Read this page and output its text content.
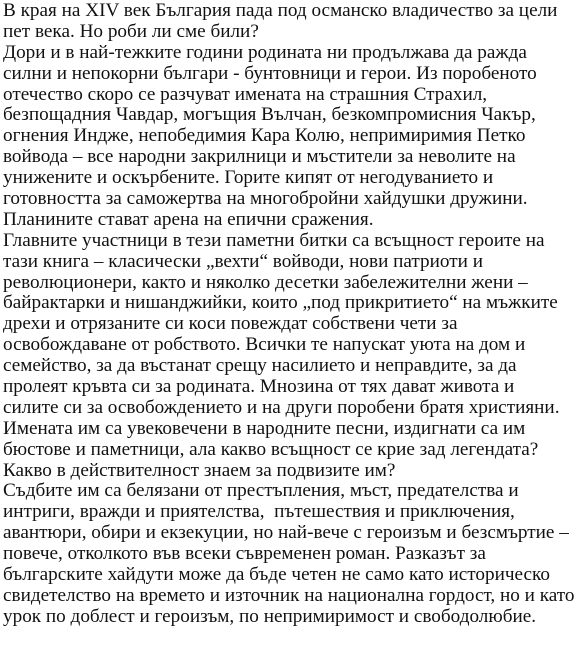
В края на XIV век България пада под османско владичество за цели
пет века. Но роби ли сме били?
Дори и в най-тежките години родината ни продължава да ражда
силни и непокорни българи - бунтовници и герои. Из поробеното
отечество скоро се разчуват имената на страшния Страхил,
безпощадния Чавдар, могъщия Вълчан, безкомпромисния Чакър,
огнения Индже, непобедимия Кара Колю, непримиримия Петко
войвода – все народни закрилници и мъстители за неволите на
унижените и оскърбените. Горите кипят от негодуванието и
готовността за саможертва на многобройни хайдушки дружини.
Планините стават арена на епични сражения.
Главните участници в тези паметни битки са всъщност героите на
тази книга – класически „вехти“ войводи, нови патриоти и
революционери, както и няколко десетки забележителни жени –
байрактарки и нишанджийки, които „под прикритието“ на мъжките
дрехи и отрязаните си коси повеждат собствени чети за
освобождаване от робството. Всички те напускат уюта на дом и
семейство, за да въстанат срещу насилието и неправдите, за да
пролеят кръвта си за родината. Мнозина от тях дават живота и
силите си за освобождението и на други поробени братя християни.
Имената им са увековечени в народните песни, издигнати са им
бюстове и паметници, ала какво всъщност се крие зад легендата?
Какво в действителност знаем за подвизите им?
Съдбите им са белязани от престъпления, мъст, предателства и
интриги, вражди и приятелства,  пътешествия и приключения,
авантюри, обири и екзекуции, но най-вече с героизъм и безсмъртие –
повече, отколкото във всеки съвременен роман. Разказът за
българските хайдути може да бъде четен не само като историческо
свидетелство на времето и източник на национална гордост, но и като
урок по доблест и героизъм, по непримиримост и свободолюбие.
